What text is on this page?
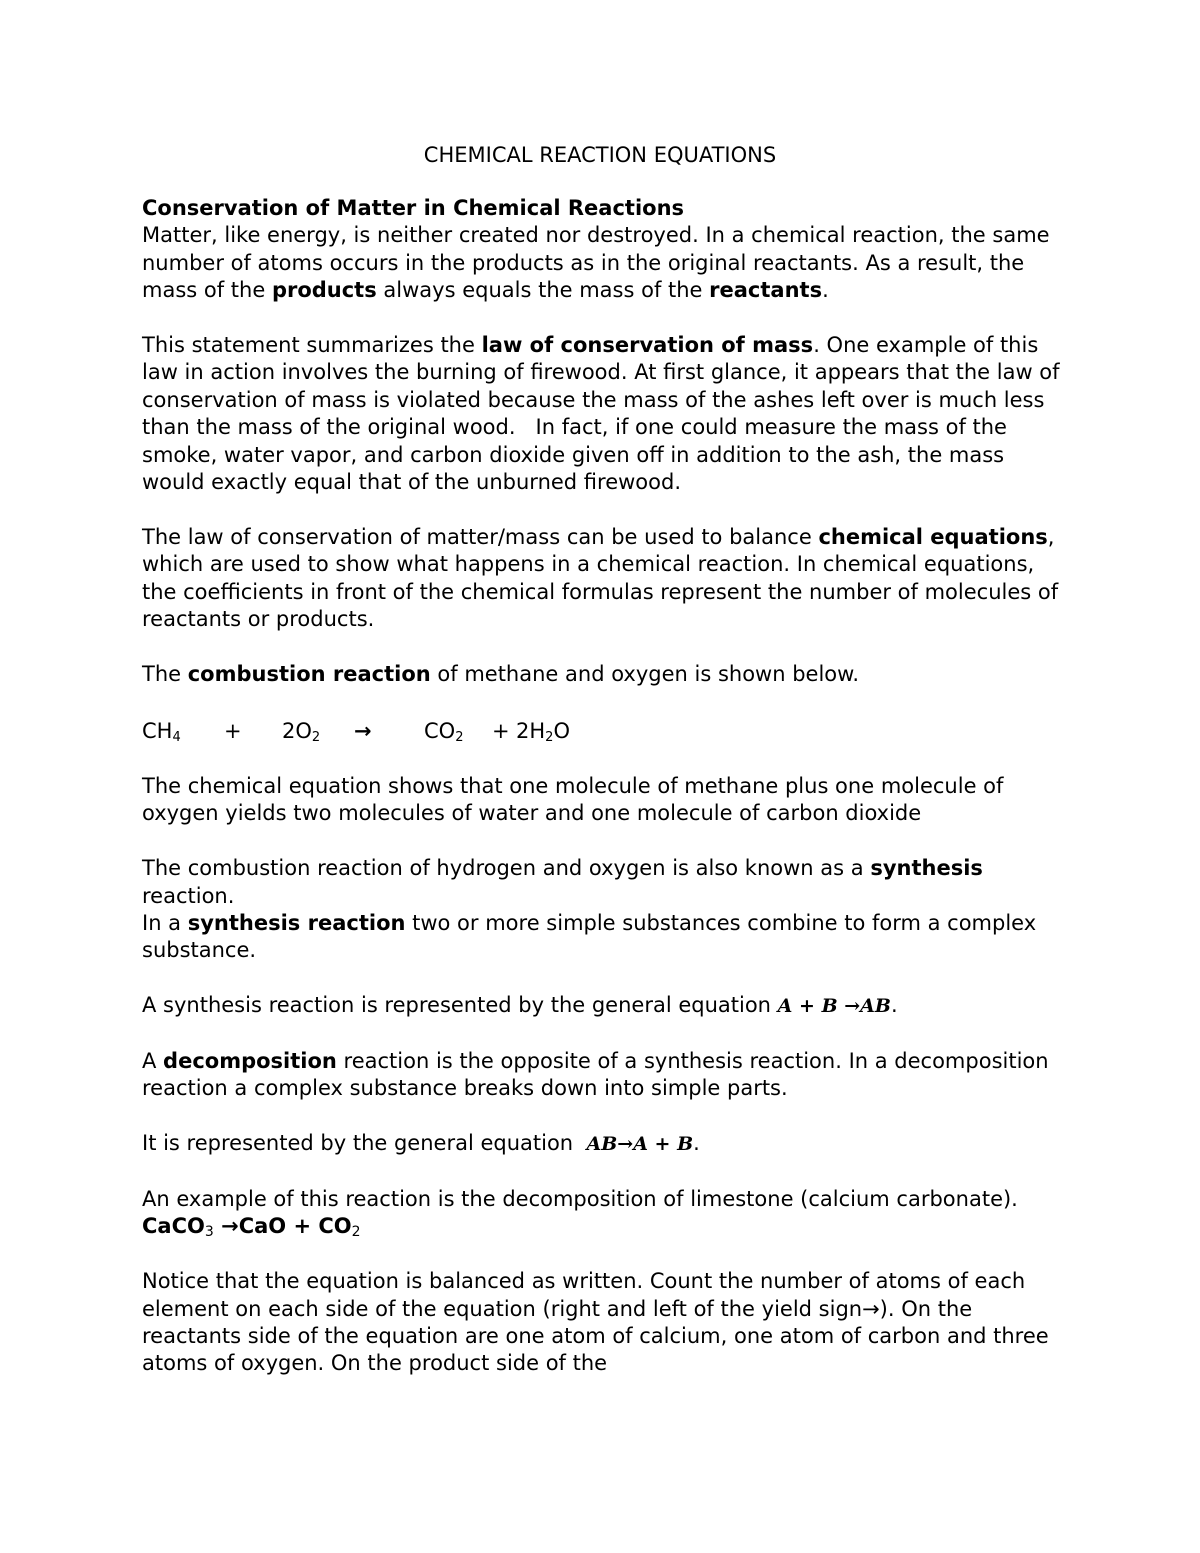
CHEMICAL REACTION EQUATIONS

Conservation of Matter in Chemical Reactions

Matter, like energy, is neither created nor destroyed. In a chemical reaction, the same number of atoms occurs in the products as in the original reactants. As a result, the mass of the products always equals the mass of the reactants.

This statement summarizes the law of conservation of mass. One example of this law in action involves the burning of firewood. At first glance, it appears that the law of conservation of mass is violated because the mass of the ashes left over is much less than the mass of the original wood.   In fact, if one could measure the mass of the smoke, water vapor, and carbon dioxide given off in addition to the ash, the mass would exactly equal that of the unburned firewood.

The law of conservation of matter/mass can be used to balance chemical equations, which are used to show what happens in a chemical reaction. In chemical equations, the coefficients in front of the chemical formulas represent the number of molecules of reactants or products.

The combustion reaction of methane and oxygen is shown below.

$CH_4 + 2O_2 \to CO_2 + 2H_2O$

The chemical equation shows that one molecule of methane plus one molecule of oxygen yields two molecules of water and one molecule of carbon dioxide

The combustion reaction of hydrogen and oxygen is also known as a synthesis reaction.

In a synthesis reaction two or more simple substances combine to form a complex substance.

A synthesis reaction is represented by the general equation A + B →AB.

A decomposition reaction is the opposite of a synthesis reaction. In a decomposition reaction a complex substance breaks down into simple parts.

It is represented by the general equation  AB→A + B.

An example of this reaction is the decomposition of limestone (calcium carbonate).

CaCO$_3$ $\to CaO + CO_2$

Notice that the equation is balanced as written. Count the number of atoms of each element on each side of the equation (right and left of the yield sign→). On the reactants side of the equation are one atom of calcium, one atom of carbon and three atoms of oxygen. On the product side of the
